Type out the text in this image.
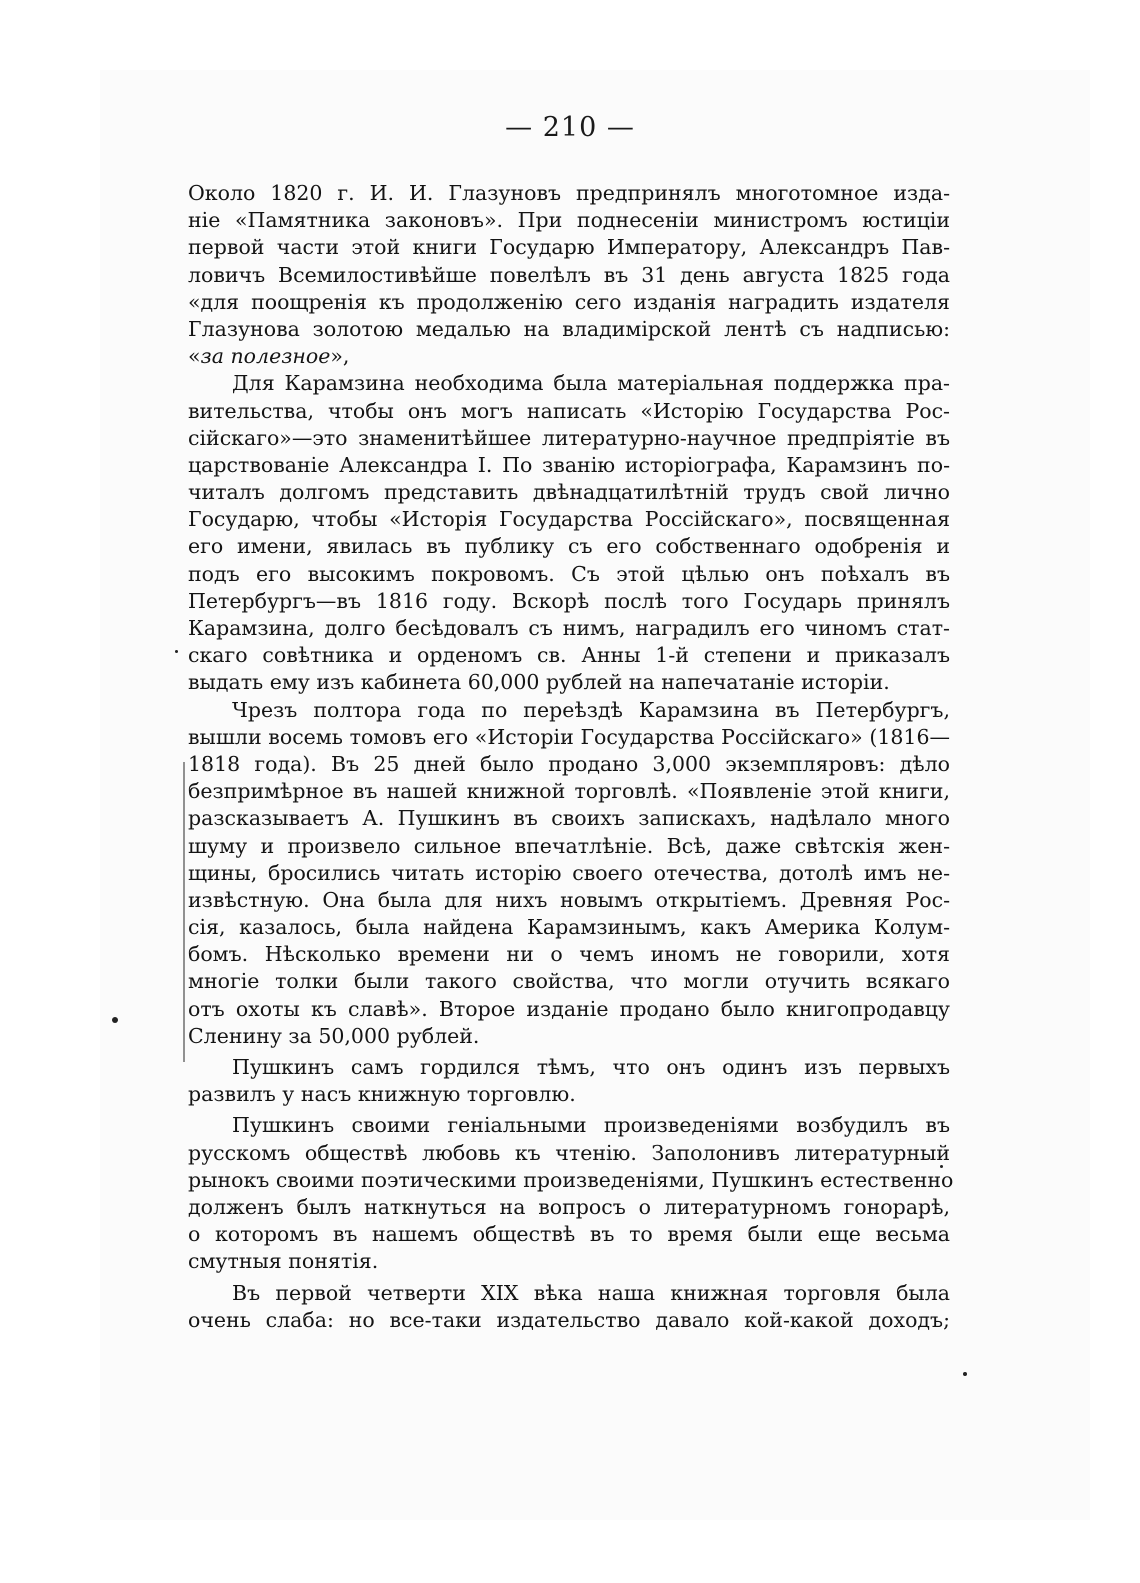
— 210 —
Около 1820 г. И. И. Глазуновъ предпринялъ многотомное изда-
ніе «Памятника законовъ». При поднесеніи министромъ юстиціи
первой части этой книги Государю Императору, Александръ Пав-
ловичъ Всемилостивѣйше повелѣлъ въ 31 день августа 1825 года
«для поощренія къ продолженію сего изданія наградить издателя
Глазунова золотою медалью на владимірской лентѣ съ надписью:
«за полезное»,
Для Карамзина необходима была матеріальная поддержка пра-
вительства, чтобы онъ могъ написать «Исторію Государства Рос-
сійскаго»—это знаменитѣйшее литературно-научное предпріятіе въ
царствованіе Александра I. По званію исторіографа, Карамзинъ по-
читалъ долгомъ представить двѣнадцатилѣтній трудъ свой лично
Государю, чтобы «Исторія Государства Россійскаго», посвященная
его имени, явилась въ публику съ его собственнаго одобренія и
подъ его высокимъ покровомъ. Съ этой цѣлью онъ поѣхалъ въ
Петербургъ—въ 1816 году. Вскорѣ послѣ того Государь принялъ
Карамзина, долго бесѣдовалъ съ нимъ, наградилъ его чиномъ стат-
скаго совѣтника и орденомъ св. Анны 1-й степени и приказалъ
выдать ему изъ кабинета 60,000 рублей на напечатаніе исторіи.
Чрезъ полтора года по переѣздѣ Карамзина въ Петербургъ,
вышли восемь томовъ его «Исторіи Государства Россійскаго» (1816—
1818 года). Въ 25 дней было продано 3,000 экземпляровъ: дѣло
безпримѣрное въ нашей книжной торговлѣ. «Появленіе этой книги,
разсказываетъ А. Пушкинъ въ своихъ запискахъ, надѣлало много
шуму и произвело сильное впечатлѣніе. Всѣ, даже свѣтскія жен-
щины, бросились читать исторію своего отечества, дотолѣ имъ не-
извѣстную. Она была для нихъ новымъ открытіемъ. Древняя Рос-
сія, казалось, была найдена Карамзинымъ, какъ Америка Колум-
бомъ. Нѣсколько времени ни о чемъ иномъ не говорили, хотя
многіе толки были такого свойства, что могли отучить всякаго
отъ охоты къ славѣ». Второе изданіе продано было книгопродавцу
Сленину за 50,000 рублей.
Пушкинъ самъ гордился тѣмъ, что онъ одинъ изъ первыхъ
развилъ у насъ книжную торговлю.
Пушкинъ своими геніальными произведеніями возбудилъ въ
русскомъ обществѣ любовь къ чтенію. Заполонивъ литературный
рынокъ своими поэтическими произведеніями, Пушкинъ естественно
долженъ былъ наткнуться на вопросъ о литературномъ гонорарѣ,
о которомъ въ нашемъ обществѣ въ то время были еще весьма
смутныя понятія.
Въ первой четверти XIX вѣка наша книжная торговля была
очень слаба: но все-таки издательство давало кой-какой доходъ;
